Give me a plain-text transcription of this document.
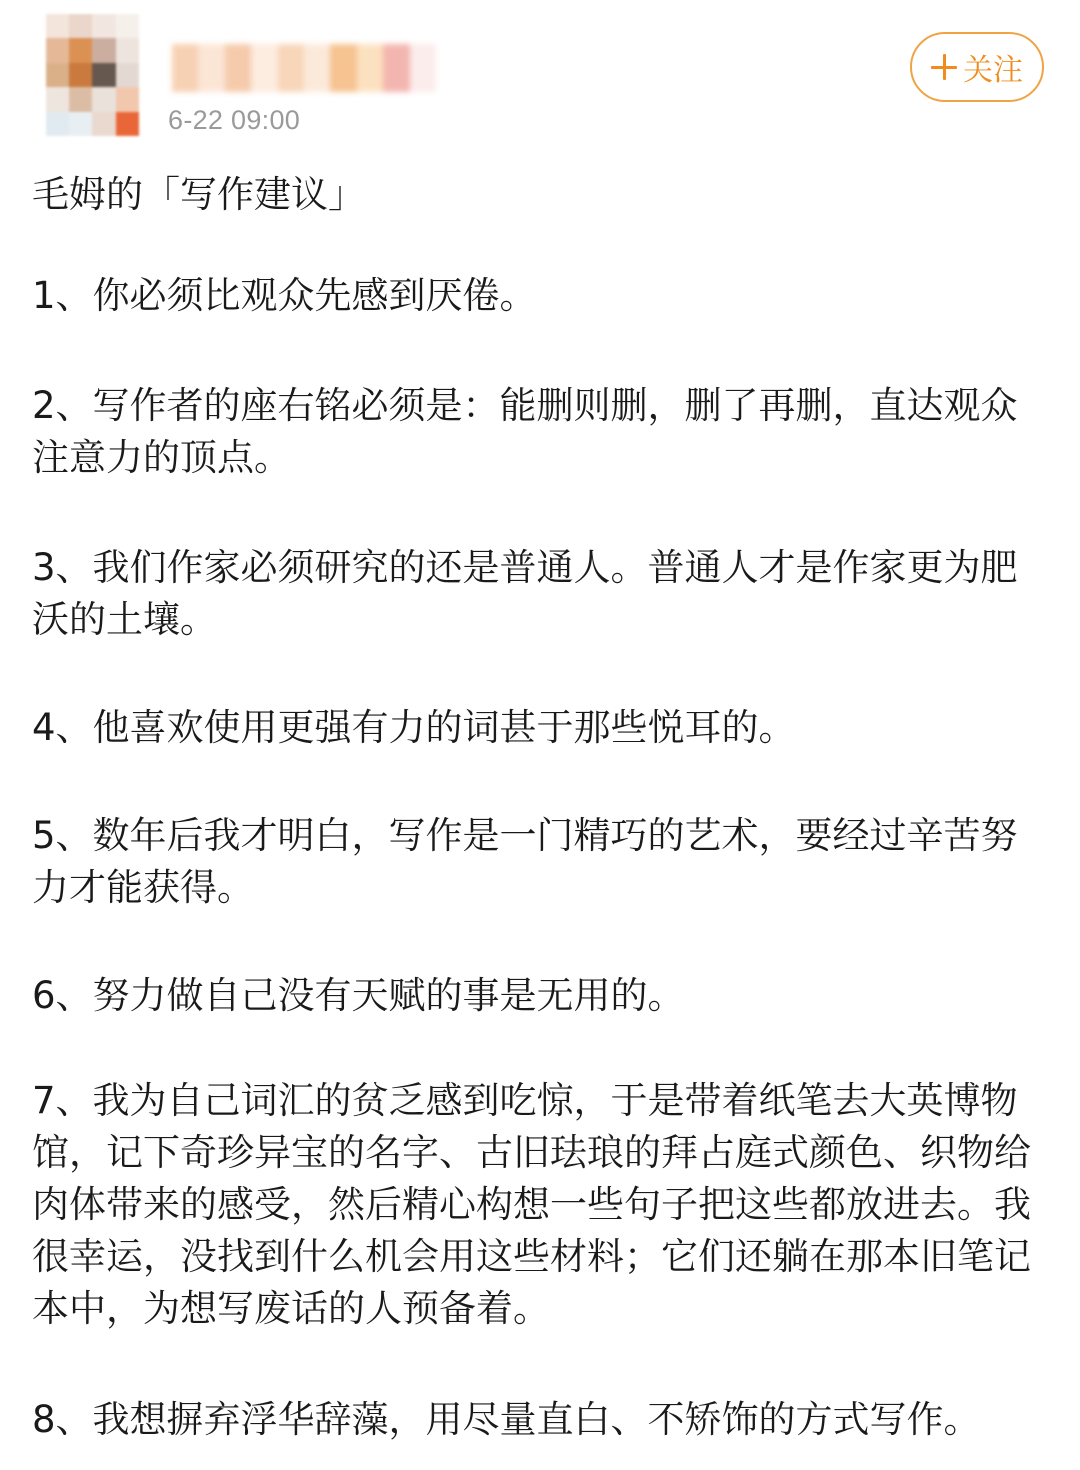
6-22 09:00
关注
毛姆的「写作建议」

1、你必须比观众先感到厌倦。

2、写作者的座右铭必须是：能删则删，删了再删，直达观众注意力的顶点。

3、我们作家必须研究的还是普通人。普通人才是作家更为肥沃的土壤。

4、他喜欢使用更强有力的词甚于那些悦耳的。

5、数年后我才明白，写作是一门精巧的艺术，要经过辛苦努力才能获得。

6、努力做自己没有天赋的事是无用的。

7、我为自己词汇的贫乏感到吃惊，于是带着纸笔去大英博物馆，记下奇珍异宝的名字、古旧珐琅的拜占庭式颜色、织物给肉体带来的感受，然后精心构想一些句子把这些都放进去。我很幸运，没找到什么机会用这些材料；它们还躺在那本旧笔记本中，为想写废话的人预备着。

8、我想摒弃浮华辞藻，用尽量直白、不矫饰的方式写作。
